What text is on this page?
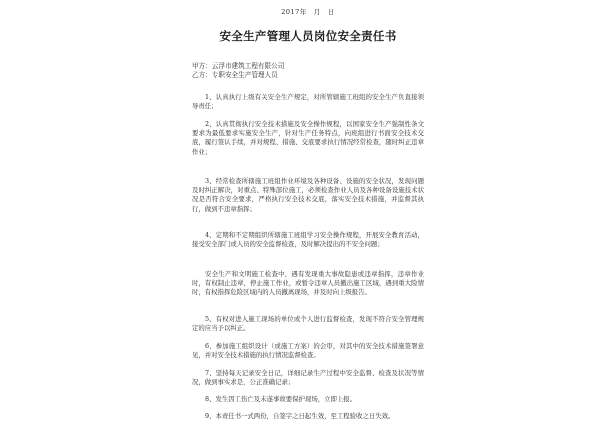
2017年　月　日
安全生产管理人员岗位安全责任书
甲方：云浮市建筑工程有限公司
乙方：专职安全生产管理人员

1、认真执行上级有关安全生产规定，对所管辖施工班组的安全生产负直接领导责任；

2、认真贯彻执行安全技术措施及安全操作规程，以国家安全生产强制性条文要求为最低要求实施安全生产，针对生产任务特点，向班组进行书面安全技术交底，履行签认手续，并对规程、措施、交底要求执行情况经常检查，随时纠正违章作业；

3、经常检查所辖施工班组作业环境及各种设备、设施的安全状况，发现问题及时纠正解决，对重点、特殊部位施工，必须检查作业人员及各种设备设施技术状况是否符合安全要求，严格执行安全技术交底，落实安全技术措施，并监督其执行，做到不违章指挥；

4、定期和不定期组织所辖施工班组学习安全操作规程，开展安全教育活动，接受安全部门或人员的安全监督检查，及时解决提出的不安全问题；

安全生产和文明施工检查中，遇有发现重大事故隐患或违章指挥，违章作业时，有权制止违章，停止施工作业，或暂令违章人员撤出施工区域，遇到重大险情时，有权指挥危险区域内的人员撤离现场，并及时向上级报告。

5、有权对进入施工现场的单位或个人进行监督检查，发现不符合安全管理规定的应当予以纠正。

6、参加施工组织设计（或施工方案）的会审，对其中的安全技术措施签署意见，并对安全技术措施的执行情况监督检查。

7、坚持每天记录安全日记，详细记录生产过程中安全监督、检查及状况等情况，做到事实求是，公正准确记录；

8、发生因工伤亡及未遂事故要保护现场，立即上报。

9、本责任书一式两份，自签字之日起生效，至工程验收之日失效。
